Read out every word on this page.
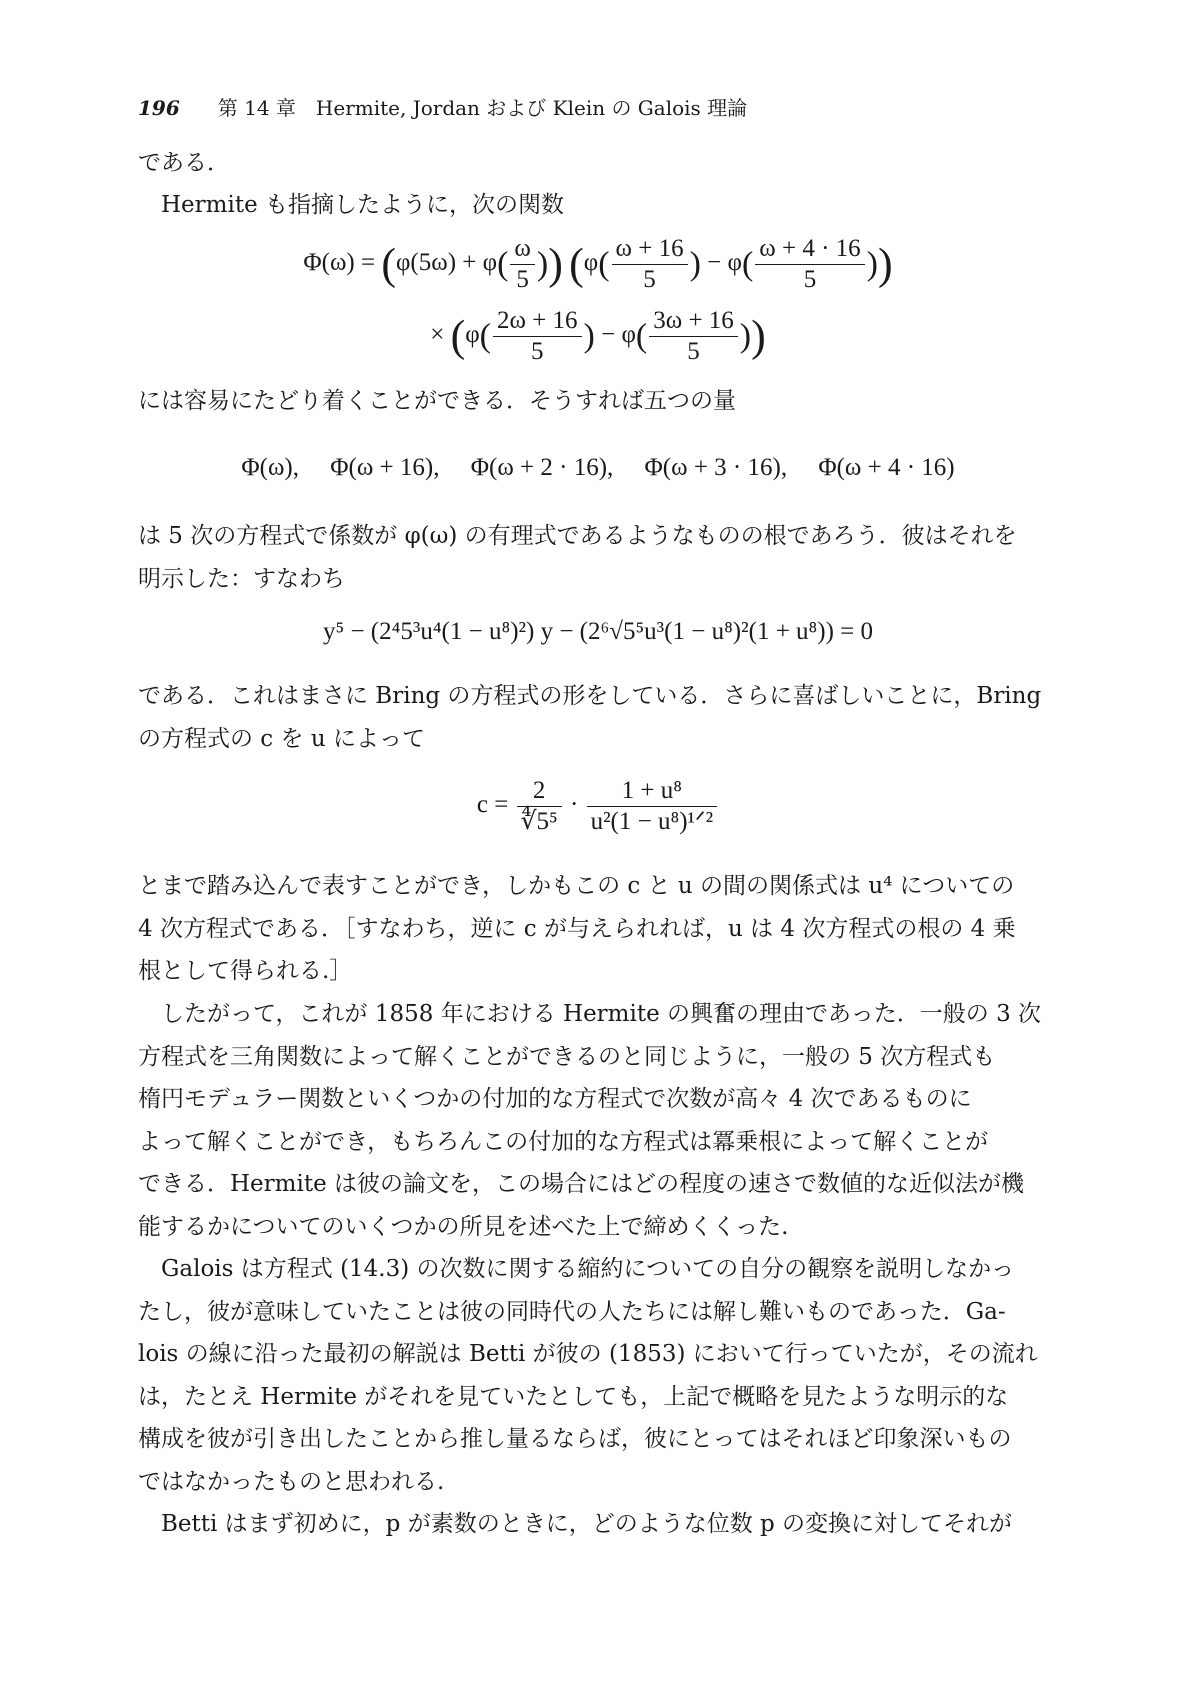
196 第 14 章　Hermite, Jordan および Klein の Galois 理論
である．
Hermite も指摘したように，次の関数
$\Phi(\omega) = (\varphi(5\omega) + \varphi( \frac{\omega}{5}$ )) ($\varphi( \frac{\omega + 16}{5}$ ) − $\varphi( \frac{\omega + 4 \cdot 16}{5}$ ))
× ($\varphi( \frac{2\omega + 16}{5}$ ) − $\varphi( \frac{3\omega + 16}{5}$ ))
には容易にたどり着くことができる．そうすれば五つの量
Φ(ω),　 Φ(ω + 16),　 Φ(ω + 2 · 16),　 Φ(ω + 3 · 16),　 Φ(ω + 4 · 16)
は 5 次の方程式で係数が φ(ω) の有理式であるようなものの根であろう．彼はそれを
明示した：すなわち
y⁵ − (2⁴5³u⁴(1 − u⁸)²) y − (2⁶√5⁵u³(1 − u⁸)²(1 + u⁸)) = 0
である．これはまさに Bring の方程式の形をしている．さらに喜ばしいことに，Bring
の方程式の c を u によって
$c = \frac{2}{\text{∜5⁵}} \cdot \frac{\text{1 + u⁸}}{\text{u²(1 − u⁸)¹ᐟ²}}$
とまで踏み込んで表すことができ，しかもこの c と u の間の関係式は u⁴ についての
4 次方程式である．［すなわち，逆に c が与えられれば，u は 4 次方程式の根の 4 乗
根として得られる.］
したがって，これが 1858 年における Hermite の興奮の理由であった．一般の 3 次
方程式を三角関数によって解くことができるのと同じように，一般の 5 次方程式も
楕円モデュラー関数といくつかの付加的な方程式で次数が高々 4 次であるものに
よって解くことができ，もちろんこの付加的な方程式は冪乗根によって解くことが
できる．Hermite は彼の論文を，この場合にはどの程度の速さで数値的な近似法が機
能するかについてのいくつかの所見を述べた上で締めくくった.
Galois は方程式 (14.3) の次数に関する縮約についての自分の観察を説明しなかっ
たし，彼が意味していたことは彼の同時代の人たちには解し難いものであった．Ga-
lois の線に沿った最初の解説は Betti が彼の (1853) において行っていたが，その流れ
は，たとえ Hermite がそれを見ていたとしても，上記で概略を見たような明示的な
構成を彼が引き出したことから推し量るならば，彼にとってはそれほど印象深いもの
ではなかったものと思われる.
Betti はまず初めに，p が素数のときに，どのような位数 p の変換に対してそれが
